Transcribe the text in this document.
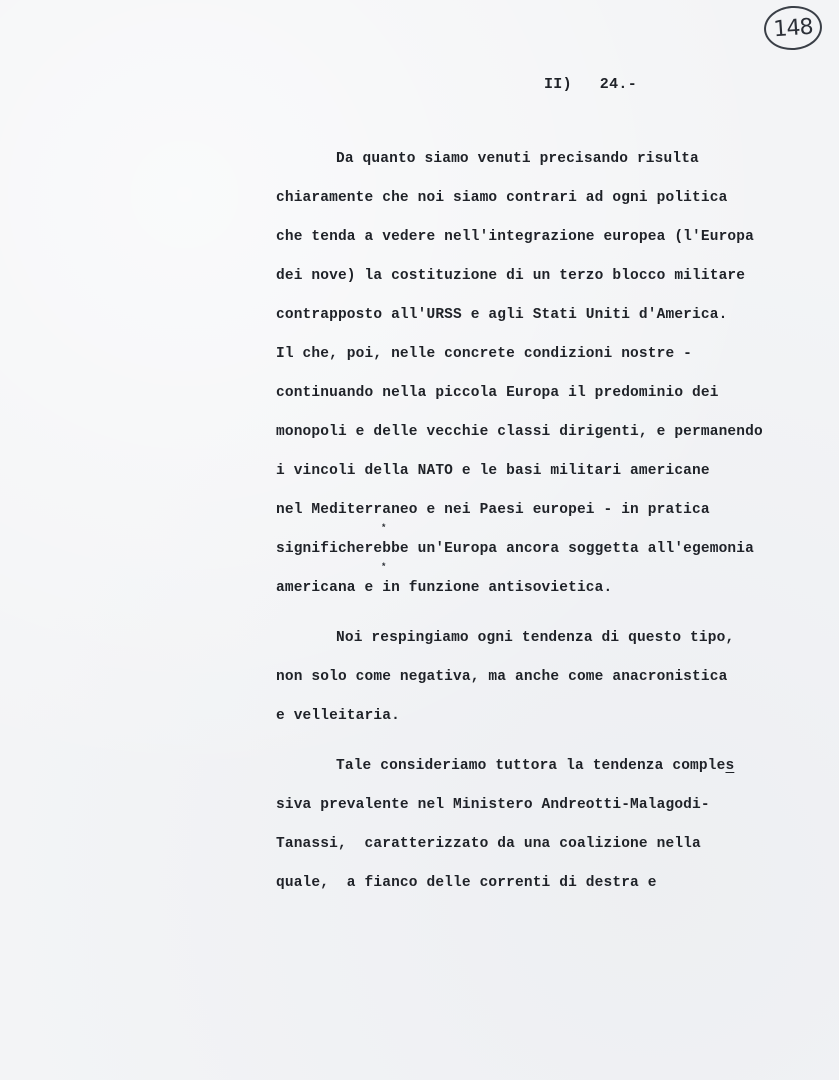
148
II)   24.-
Da quanto siamo venuti precisando risulta
chiaramente che noi siamo contrari ad ogni politica
che tenda a vedere nell'integrazione europea (l'Europa
dei nove) la costituzione di un terzo blocco militare
contrapposto all'URSS e agli Stati Uniti d'America.
Il che, poi, nelle concrete condizioni nostre -
continuando nella piccola Europa il predominio dei
monopoli e delle vecchie classi dirigenti, e permanendo
i vincoli della NATO e le basi militari americane
nel Mediterraneo e nei Paesi europei - in pratica
significherebbe un'Europa ancora soggetta all'egemonia
americana e in funzione antisovietica.
Noi respingiamo ogni tendenza di questo tipo,
non solo come negativa, ma anche come anacronistica
e velleitaria.
Tale consideriamo tuttora la tendenza comples
siva prevalente nel Ministero Andreotti-Malagodi-
Tanassi,  caratterizzato da una coalizione nella
quale,  a fianco delle correnti di destra e
*
*
